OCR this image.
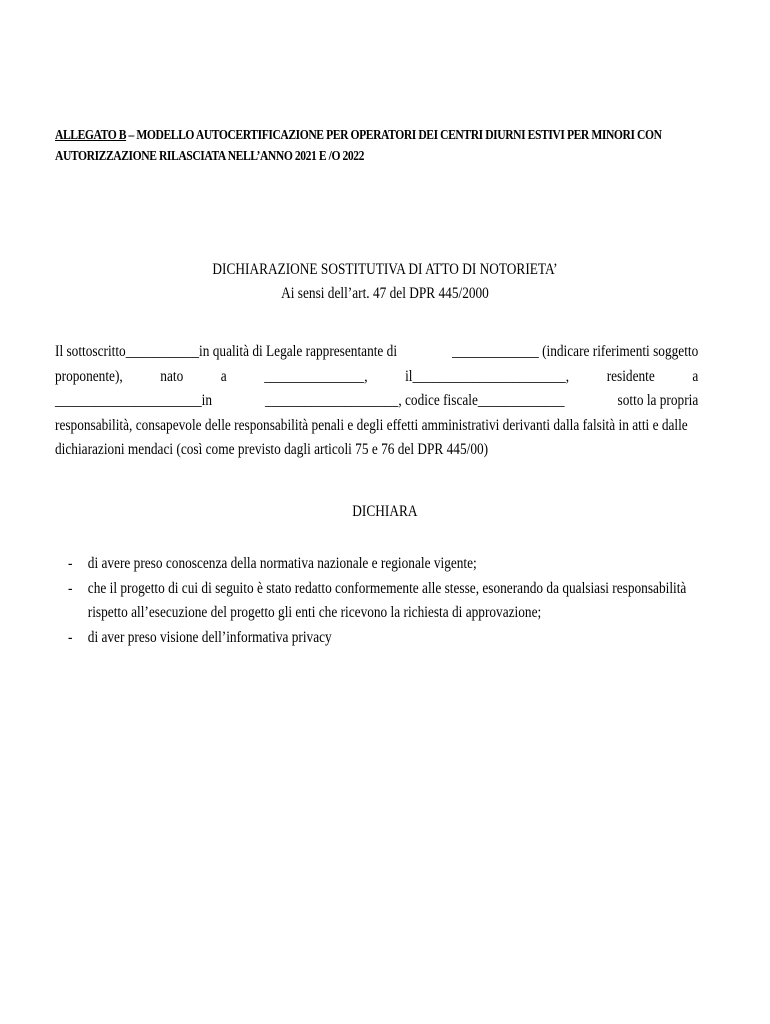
ALLEGATO B – MODELLO AUTOCERTIFICAZIONE PER OPERATORI DEI CENTRI DIURNI ESTIVI PER MINORI CON
AUTORIZZAZIONE RILASCIATA NELL’ANNO 2021 E /O 2022
DICHIARAZIONE SOSTITUTIVA DI ATTO DI NOTORIETA’
Ai sensi dell’art. 47 del DPR 445/2000
Il sottoscritto___________in qualità di Legale rappresentante di	_____________ (indicare riferimenti soggetto
proponente), nato a _______________, il_______________________, residente a
______________________in	____________________, codice fiscale_____________	sotto la propria
responsabilità, consapevole delle responsabilità penali e degli effetti amministrativi derivanti dalla falsità in atti e dalle
dichiarazioni mendaci (così come previsto dagli articoli 75 e 76 del DPR 445/00)
DICHIARA
- di avere preso conoscenza della normativa nazionale e regionale vigente;
- che il progetto di cui di seguito è stato redatto conformemente alle stesse, esonerando da qualsiasi responsabilità rispetto all’esecuzione del progetto gli enti che ricevono la richiesta di approvazione;
- di aver preso visione dell’informativa privacy
